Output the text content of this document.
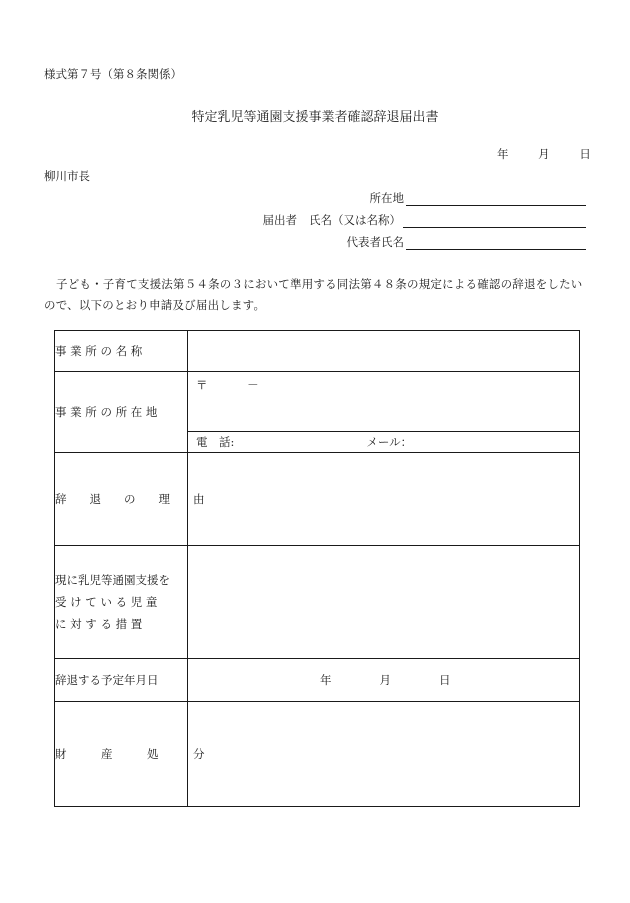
様式第７号（第８条関係）
特定乳児等通園支援事業者確認辞退届出書
年	月	日
柳川市長
所在地
届出者 氏名（又は名称）
代表者氏名
子ども・子育て支援法第５４条の３において準用する同法第４８条の規定による確認の辞退をしたいので、以下のとおり申請及び届出します。
事 業 所 の 名 称	
事 業 所 の 所 在 地	〒 －
	電　話: メール：
辞　　退　　の　　理　　由	

現に乳児等通園支援を
受 け て い る 児 童
に 対 す る 措 置	

辞退する予定年月日	年 月 日
財　　　産　　　処　　　分	
